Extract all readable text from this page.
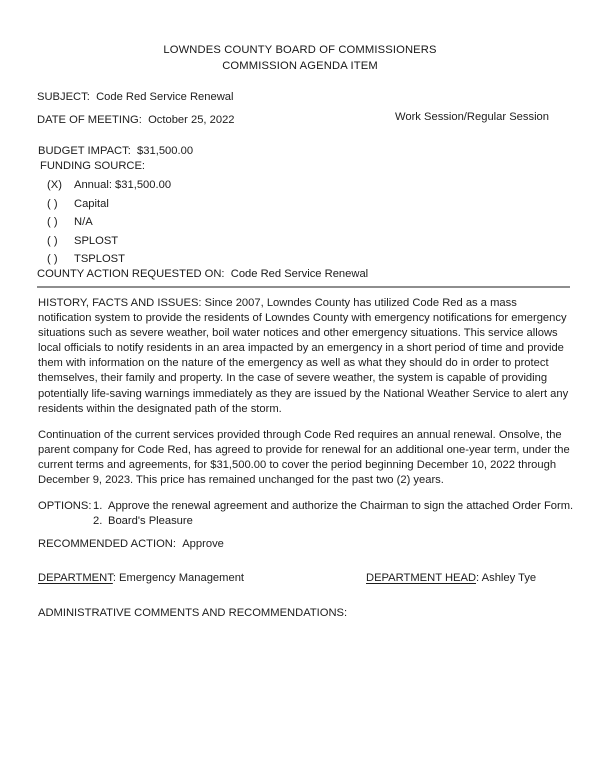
LOWNDES COUNTY BOARD OF COMMISSIONERS
COMMISSION AGENDA ITEM
SUBJECT: Code Red Service Renewal
DATE OF MEETING: October 25, 2022	Work Session/Regular Session
BUDGET IMPACT: $31,500.00
FUNDING SOURCE:
(X)	Annual: $31,500.00
( )	Capital
( )	N/A
( )	SPLOST
( )	TSPLOST
COUNTY ACTION REQUESTED ON: Code Red Service Renewal
HISTORY, FACTS AND ISSUES: Since 2007, Lowndes County has utilized Code Red as a mass notification system to provide the residents of Lowndes County with emergency notifications for emergency situations such as severe weather, boil water notices and other emergency situations. This service allows local officials to notify residents in an area impacted by an emergency in a short period of time and provide them with information on the nature of the emergency as well as what they should do in order to protect themselves, their family and property. In the case of severe weather, the system is capable of providing potentially life-saving warnings immediately as they are issued by the National Weather Service to alert any residents within the designated path of the storm.
Continuation of the current services provided through Code Red requires an annual renewal. Onsolve, the parent company for Code Red, has agreed to provide for renewal for an additional one-year term, under the current terms and agreements, for $31,500.00 to cover the period beginning December 10, 2022 through December 9, 2023. This price has remained unchanged for the past two (2) years.
OPTIONS: 1. Approve the renewal agreement and authorize the Chairman to sign the attached Order Form.
2. Board's Pleasure
RECOMMENDED ACTION: Approve
DEPARTMENT: Emergency Management	DEPARTMENT HEAD: Ashley Tye
ADMINISTRATIVE COMMENTS AND RECOMMENDATIONS:
